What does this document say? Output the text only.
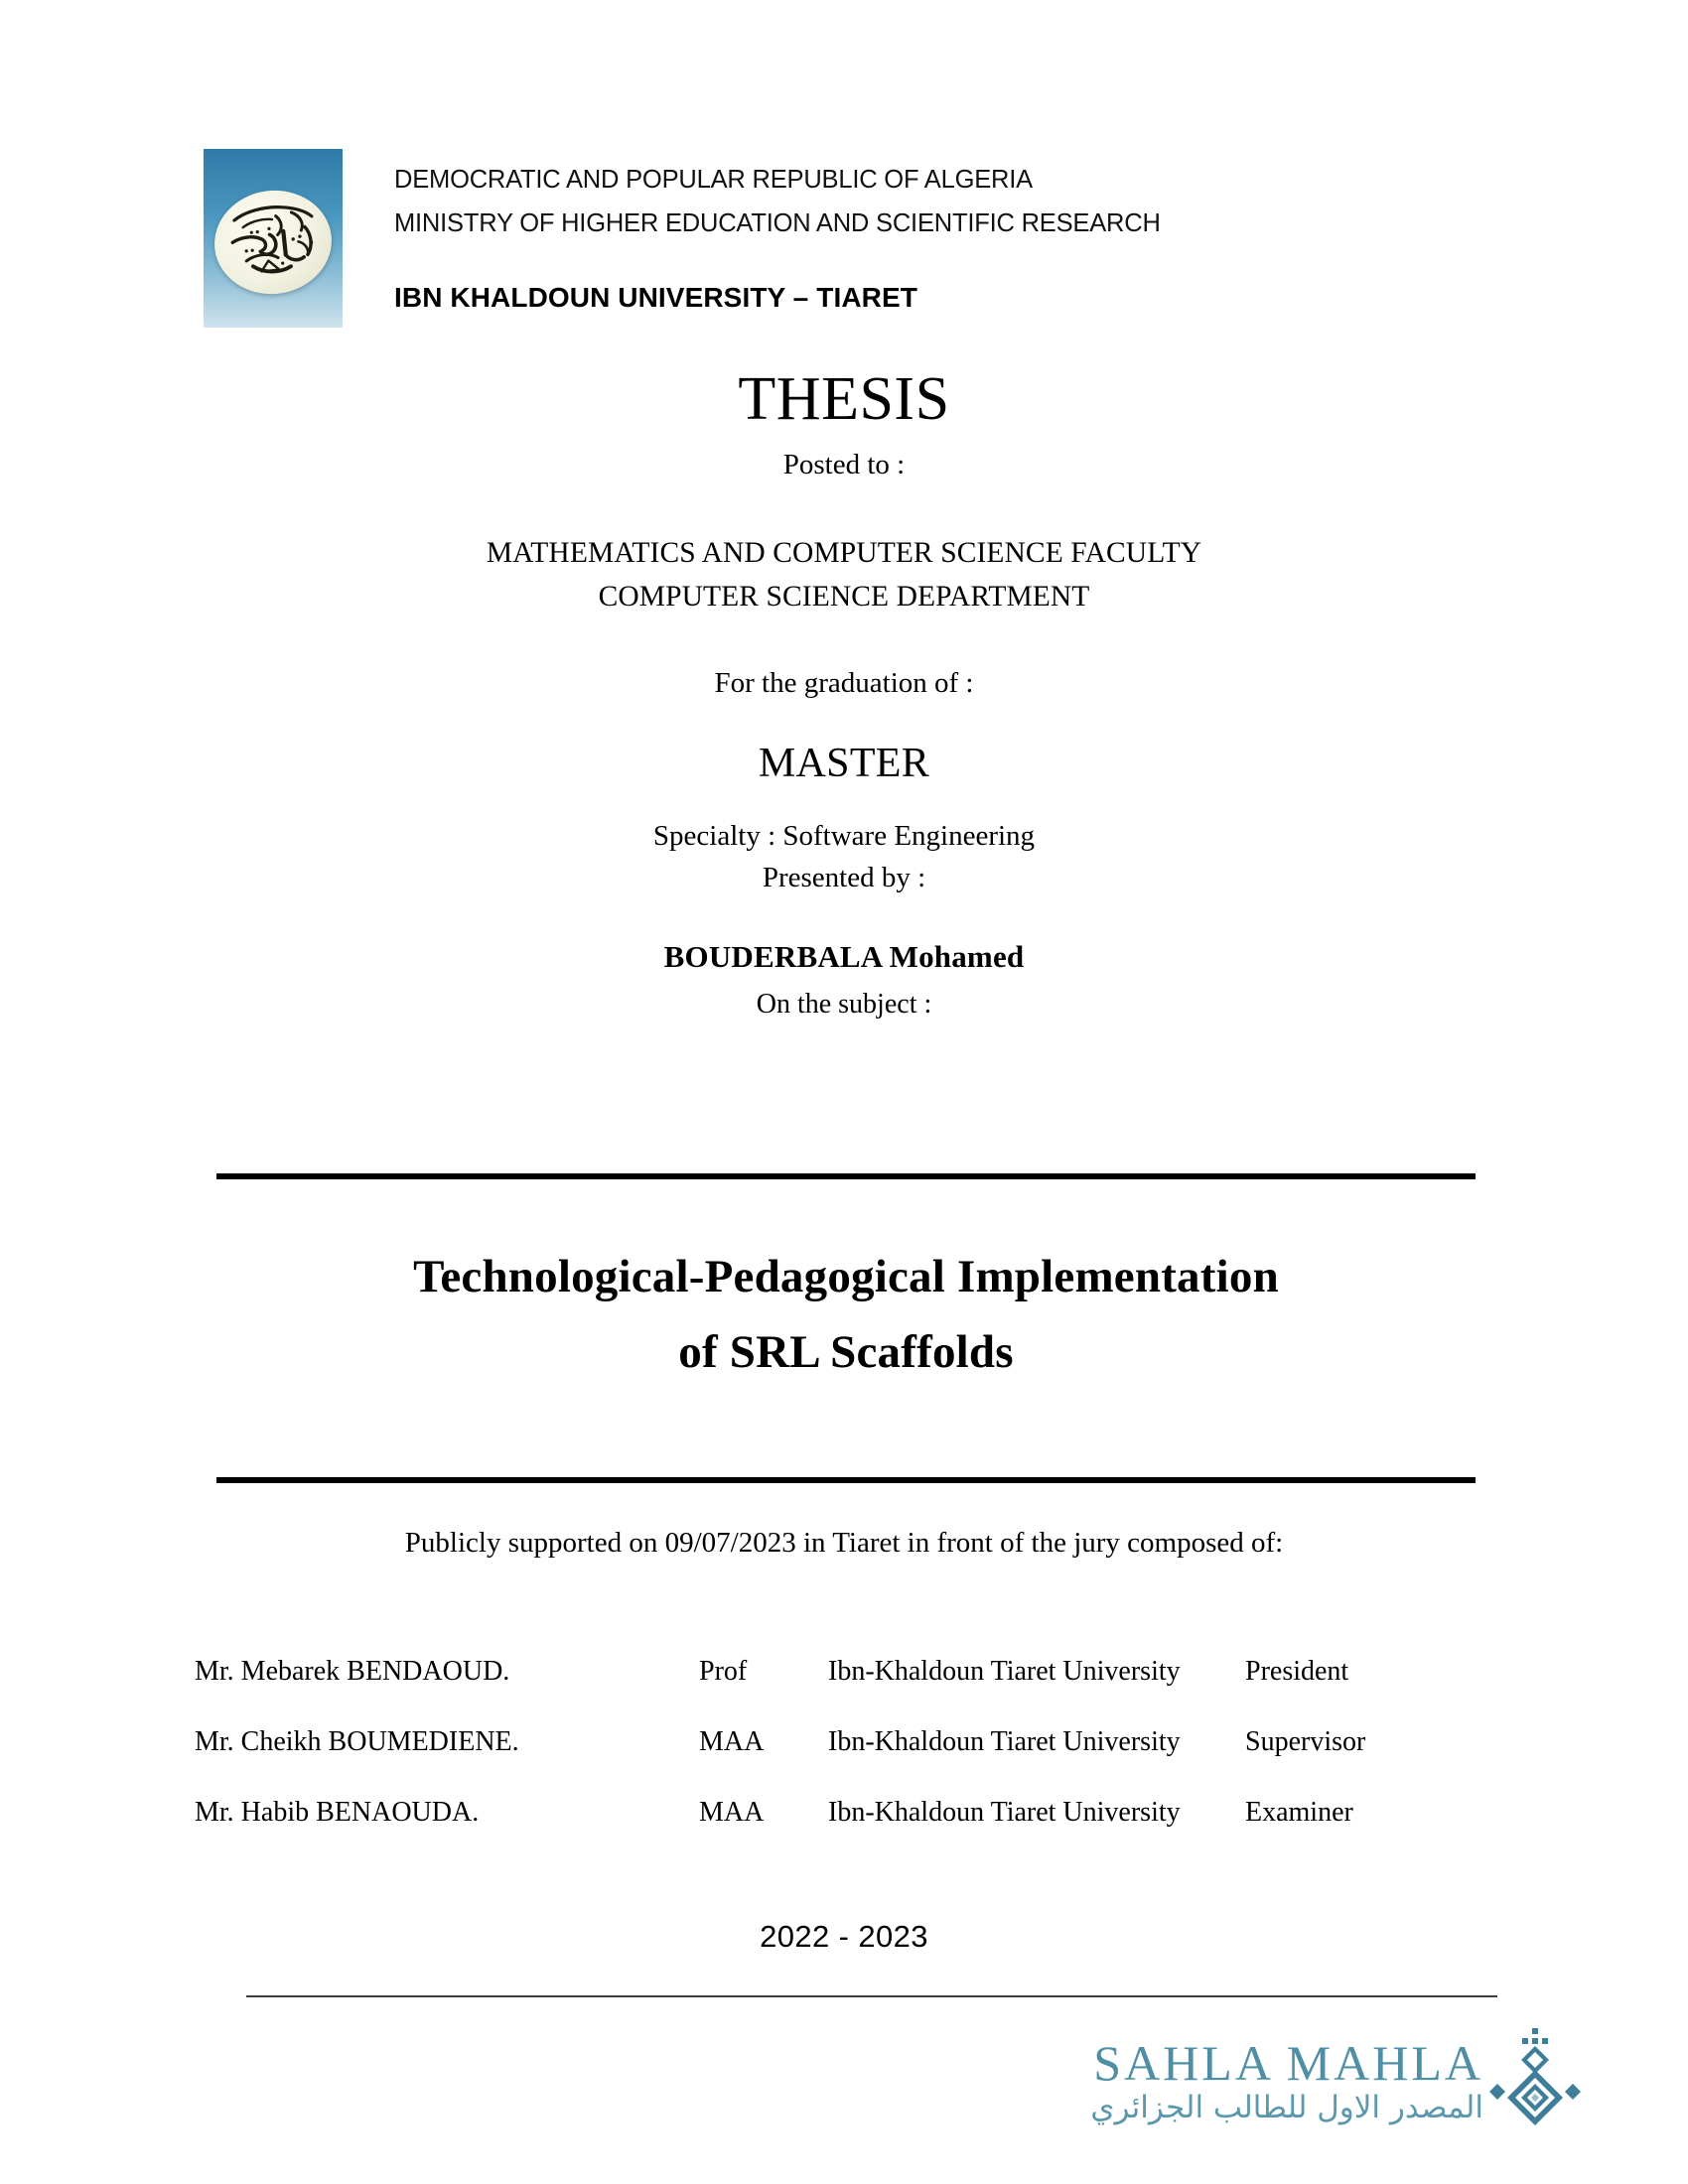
DEMOCRATIC AND POPULAR REPUBLIC OF ALGERIA
MINISTRY OF HIGHER EDUCATION AND SCIENTIFIC RESEARCH
IBN KHALDOUN UNIVERSITY – TIARET
THESIS
Posted to :
MATHEMATICS AND COMPUTER SCIENCE FACULTY
COMPUTER SCIENCE DEPARTMENT
For the graduation of :
MASTER
Specialty : Software Engineering
Presented by :
BOUDERBALA Mohamed
On the subject :
Technological-Pedagogical Implementation
of SRL Scaffolds
Publicly supported on 09/07/2023 in Tiaret in front of the jury composed of:
Mr. Mebarek BENDAOUD.	Prof	Ibn-Khaldoun Tiaret University	President
Mr. Cheikh BOUMEDIENE.	MAA	Ibn-Khaldoun Tiaret University	Supervisor
Mr. Habib BENAOUDA.	MAA	Ibn-Khaldoun Tiaret University	Examiner
2022 - 2023
SAHLA MAHLA
المصدر الاول للطالب الجزائري
